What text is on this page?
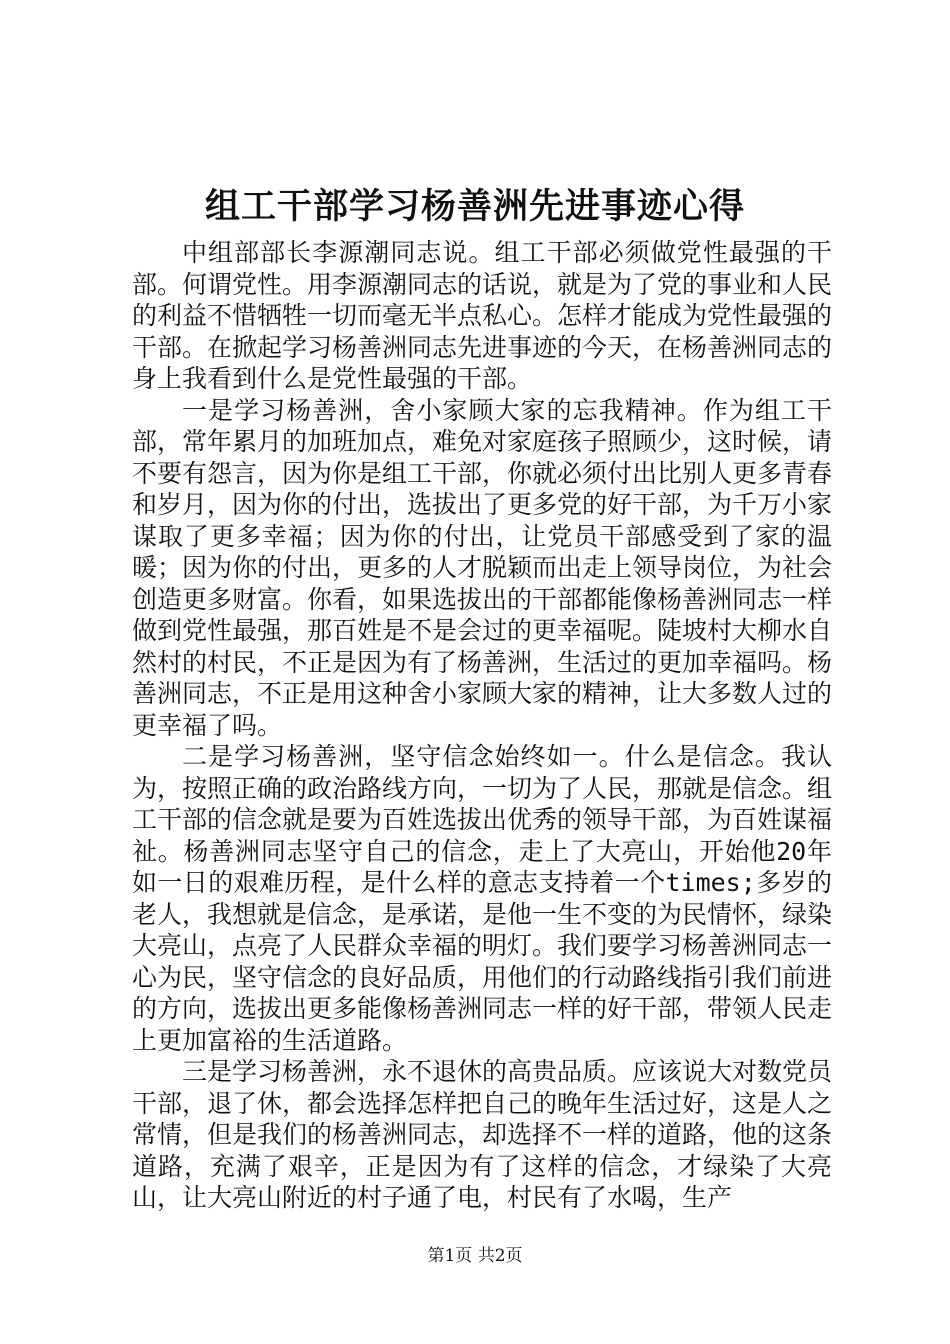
组工干部学习杨善洲先进事迹心得

中组部部长李源潮同志说。组工干部必须做党性最强的干部。何谓党性。用李源潮同志的话说，就是为了党的事业和人民的利益不惜牺牲一切而毫无半点私心。怎样才能成为党性最强的干部。在掀起学习杨善洲同志先进事迹的今天，在杨善洲同志的身上我看到什么是党性最强的干部。

一是学习杨善洲，舍小家顾大家的忘我精神。作为组工干部，常年累月的加班加点，难免对家庭孩子照顾少，这时候，请不要有怨言，因为你是组工干部，你就必须付出比别人更多青春和岁月，因为你的付出，选拔出了更多党的好干部，为千万小家谋取了更多幸福；因为你的付出，让党员干部感受到了家的温暖；因为你的付出，更多的人才脱颖而出走上领导岗位，为社会创造更多财富。你看，如果选拔出的干部都能像杨善洲同志一样做到党性最强，那百姓是不是会过的更幸福呢。陡坡村大柳水自然村的村民，不正是因为有了杨善洲，生活过的更加幸福吗。杨善洲同志，不正是用这种舍小家顾大家的精神，让大多数人过的更幸福了吗。

二是学习杨善洲，坚守信念始终如一。什么是信念。我认为，按照正确的政治路线方向，一切为了人民，那就是信念。组工干部的信念就是要为百姓选拔出优秀的领导干部，为百姓谋福祉。杨善洲同志坚守自己的信念，走上了大亮山，开始他20年如一日的艰难历程，是什么样的意志支持着一个times;多岁的老人，我想就是信念，是承诺，是他一生不变的为民情怀，绿染大亮山，点亮了人民群众幸福的明灯。我们要学习杨善洲同志一心为民，坚守信念的良好品质，用他们的行动路线指引我们前进的方向，选拔出更多能像杨善洲同志一样的好干部，带领人民走上更加富裕的生活道路。

三是学习杨善洲，永不退休的高贵品质。应该说大对数党员干部，退了休，都会选择怎样把自己的晚年生活过好，这是人之常情，但是我们的杨善洲同志，却选择不一样的道路，他的这条道路，充满了艰辛，正是因为有了这样的信念，才绿染了大亮山，让大亮山附近的村子通了电，村民有了水喝，生产

第1页 共2页
